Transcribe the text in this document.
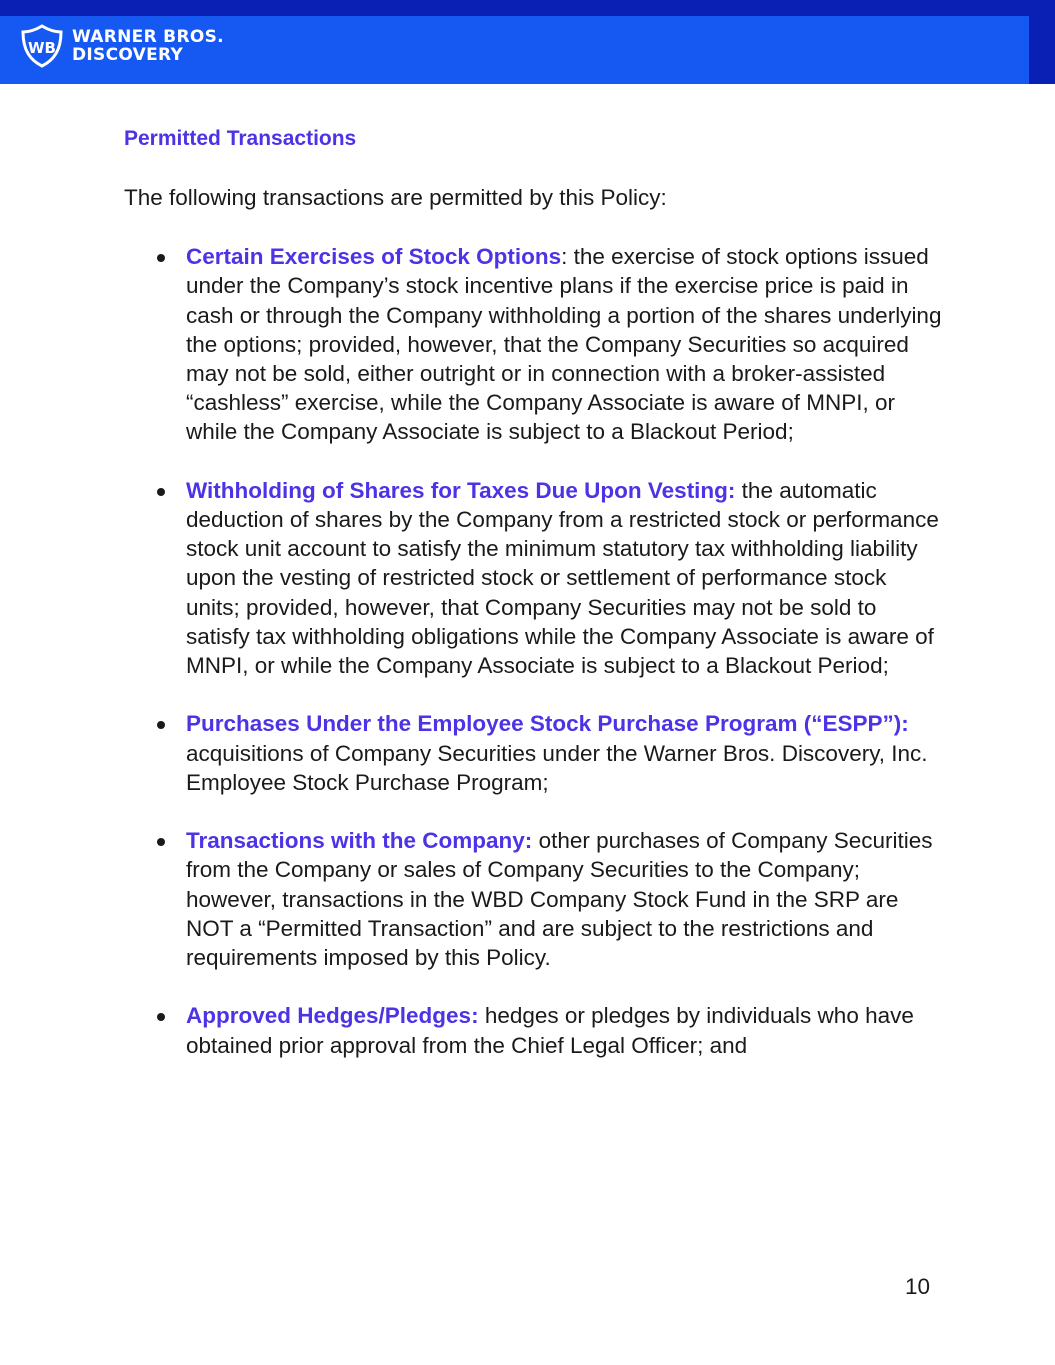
WB
WARNER BROS.
DISCOVERY
Permitted Transactions

The following transactions are permitted by this Policy:

Certain Exercises of Stock Options: the exercise of stock options issued under the Company’s stock incentive plans if the exercise price is paid in cash or through the Company withholding a portion of the shares underlying the options; provided, however, that the Company Securities so acquired may not be sold, either outright or in connection with a broker-assisted “cashless” exercise, while the Company Associate is aware of MNPI, or while the Company Associate is subject to a Blackout Period;
Withholding of Shares for Taxes Due Upon Vesting: the automatic deduction of shares by the Company from a restricted stock or performance stock unit account to satisfy the minimum statutory tax withholding liability upon the vesting of restricted stock or settlement of performance stock units; provided, however, that Company Securities may not be sold to satisfy tax withholding obligations while the Company Associate is aware of MNPI, or while the Company Associate is subject to a Blackout Period;
Purchases Under the Employee Stock Purchase Program (“ESPP”): acquisitions of Company Securities under the Warner Bros. Discovery, Inc. Employee Stock Purchase Program;
Transactions with the Company: other purchases of Company Securities from the Company or sales of Company Securities to the Company; however, transactions in the WBD Company Stock Fund in the SRP are NOT a “Permitted Transaction” and are subject to the restrictions and requirements imposed by this Policy.
Approved Hedges/Pledges: hedges or pledges by individuals who have obtained prior approval from the Chief Legal Officer; and
10
